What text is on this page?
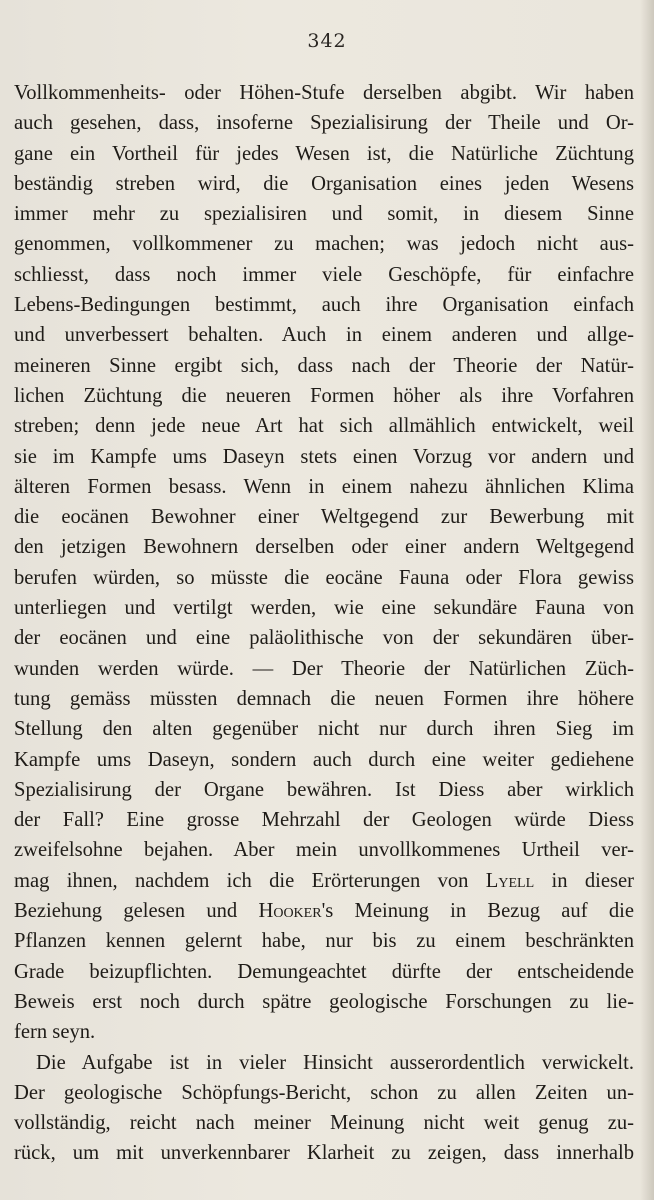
342
Vollkommenheits- oder Höhen-Stufe derselben abgibt. Wir haben
auch gesehen, dass, insoferne Spezialisirung der Theile und Or-
gane ein Vortheil für jedes Wesen ist, die Natürliche Züchtung
beständig streben wird, die Organisation eines jeden Wesens
immer mehr zu spezialisiren und somit, in diesem Sinne
genommen, vollkommener zu machen; was jedoch nicht aus-
schliesst, dass noch immer viele Geschöpfe, für einfachre
Lebens-Bedingungen bestimmt, auch ihre Organisation einfach
und unverbessert behalten. Auch in einem anderen und allge-
meineren Sinne ergibt sich, dass nach der Theorie der Natür-
lichen Züchtung die neueren Formen höher als ihre Vorfahren
streben; denn jede neue Art hat sich allmählich entwickelt, weil
sie im Kampfe ums Daseyn stets einen Vorzug vor andern und
älteren Formen besass. Wenn in einem nahezu ähnlichen Klima
die eocänen Bewohner einer Weltgegend zur Bewerbung mit
den jetzigen Bewohnern derselben oder einer andern Weltgegend
berufen würden, so müsste die eocäne Fauna oder Flora gewiss
unterliegen und vertilgt werden, wie eine sekundäre Fauna von
der eocänen und eine paläolithische von der sekundären über-
wunden werden würde. — Der Theorie der Natürlichen Züch-
tung gemäss müssten demnach die neuen Formen ihre höhere
Stellung den alten gegenüber nicht nur durch ihren Sieg im
Kampfe ums Daseyn, sondern auch durch eine weiter gediehene
Spezialisirung der Organe bewähren. Ist Diess aber wirklich
der Fall? Eine grosse Mehrzahl der Geologen würde Diess
zweifelsohne bejahen. Aber mein unvollkommenes Urtheil ver-
mag ihnen, nachdem ich die Erörterungen von Lyell in dieser
Beziehung gelesen und Hooker's Meinung in Bezug auf die
Pflanzen kennen gelernt habe, nur bis zu einem beschränkten
Grade beizupflichten. Demungeachtet dürfte der entscheidende
Beweis erst noch durch spätre geologische Forschungen zu lie-
fern seyn.
Die Aufgabe ist in vieler Hinsicht ausserordentlich verwickelt.
Der geologische Schöpfungs-Bericht, schon zu allen Zeiten un-
vollständig, reicht nach meiner Meinung nicht weit genug zu-
rück, um mit unverkennbarer Klarheit zu zeigen, dass innerhalb
